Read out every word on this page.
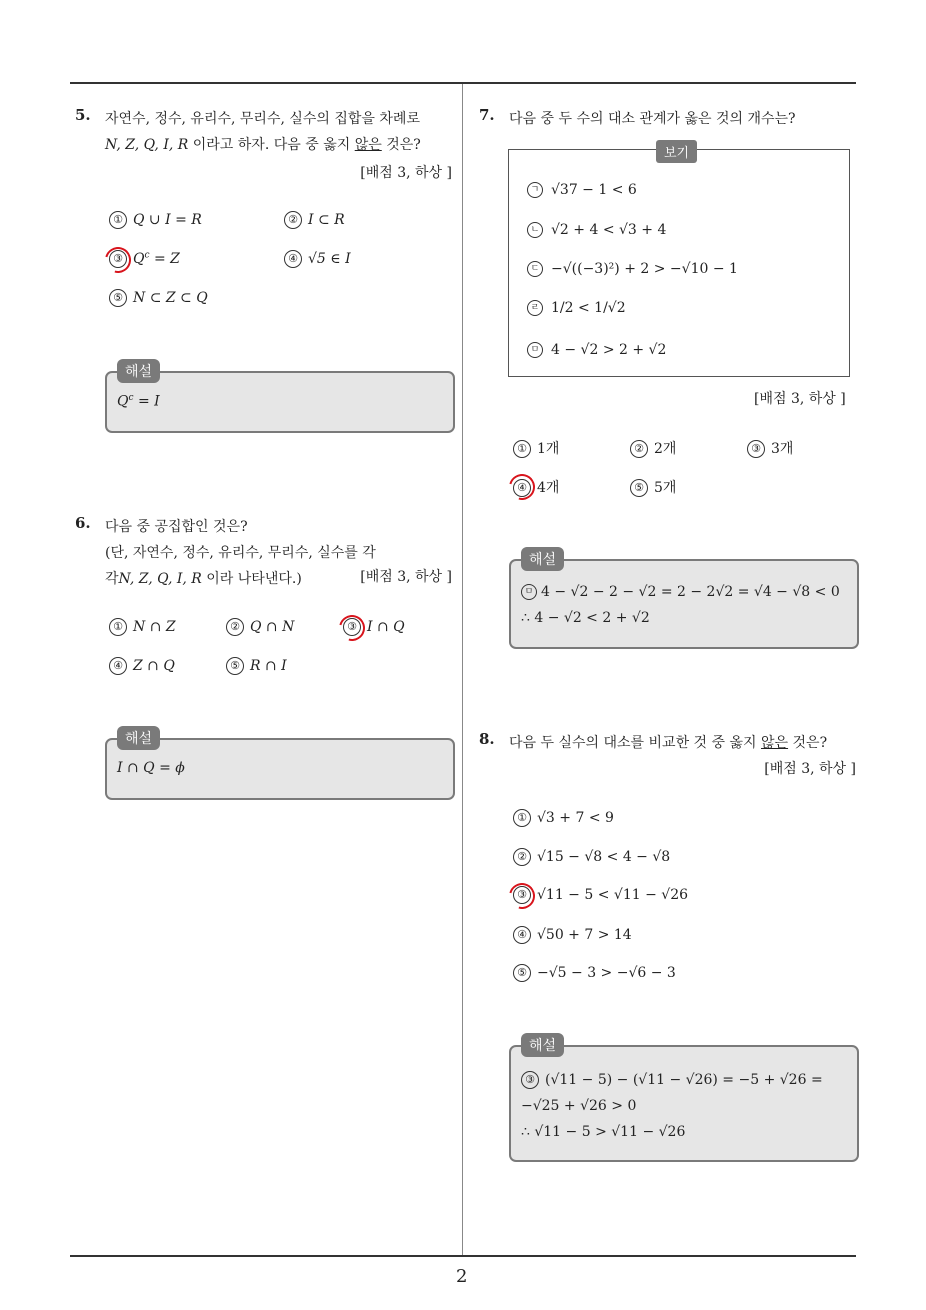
2
5. 자연수, 정수, 유리수, 무리수, 실수의 집합을 차례로
N, Z, Q, I, R 이라고 하자. 다음 중 옳지 않은 것은?
[배점 3, 하상 ]
① Q ∪ I = R	② I ⊂ R
③ $Q^c = Z$	④ √5 ∈ I
⑤ N ⊂ Z ⊂ Q
$Q^c = I$
해설
6. 다음 중 공집합인 것은?
(단, 자연수, 정수, 유리수, 무리수, 실수를 각
각N, Z, Q, I, R 이라 나타낸다.)	[배점 3, 하상 ]
① N ∩ Z	② Q ∩ N	③ I ∩ Q
④ Z ∩ Q	⑤ R ∩ I
I ∩ Q = ϕ
해설
7. 다음 중 두 수의 대소 관계가 옳은 것의 개수는?
ㄱ √37 − 1 < 6
ㄴ √2 + 4 < √3 + 4
ㄷ −√((−3)²) + 2 > −√10 − 1
ㄹ 1/2 < 1/√2
ㅁ 4 − √2 > 2 + √2
보기
[배점 3, 하상 ]
① 1개	② 2개	③ 3개
④ 4개	⑤ 5개
ㅁ 4 − √2 − 2 − √2 = 2 − 2√2 = √4 − √8 < 0
∴ 4 − √2 < 2 + √2
해설
8. 다음 두 실수의 대소를 비교한 것 중 옳지 않은 것은?
[배점 3, 하상 ]
① √3 + 7 < 9
② √15 − √8 < 4 − √8
③ √11 − 5 < √11 − √26
④ √50 + 7 > 14
⑤ −√5 − 3 > −√6 − 3
③ (√11 − 5) − (√11 − √26) = −5 + √26 =
−√25 + √26 > 0
∴ √11 − 5 > √11 − √26
해설
